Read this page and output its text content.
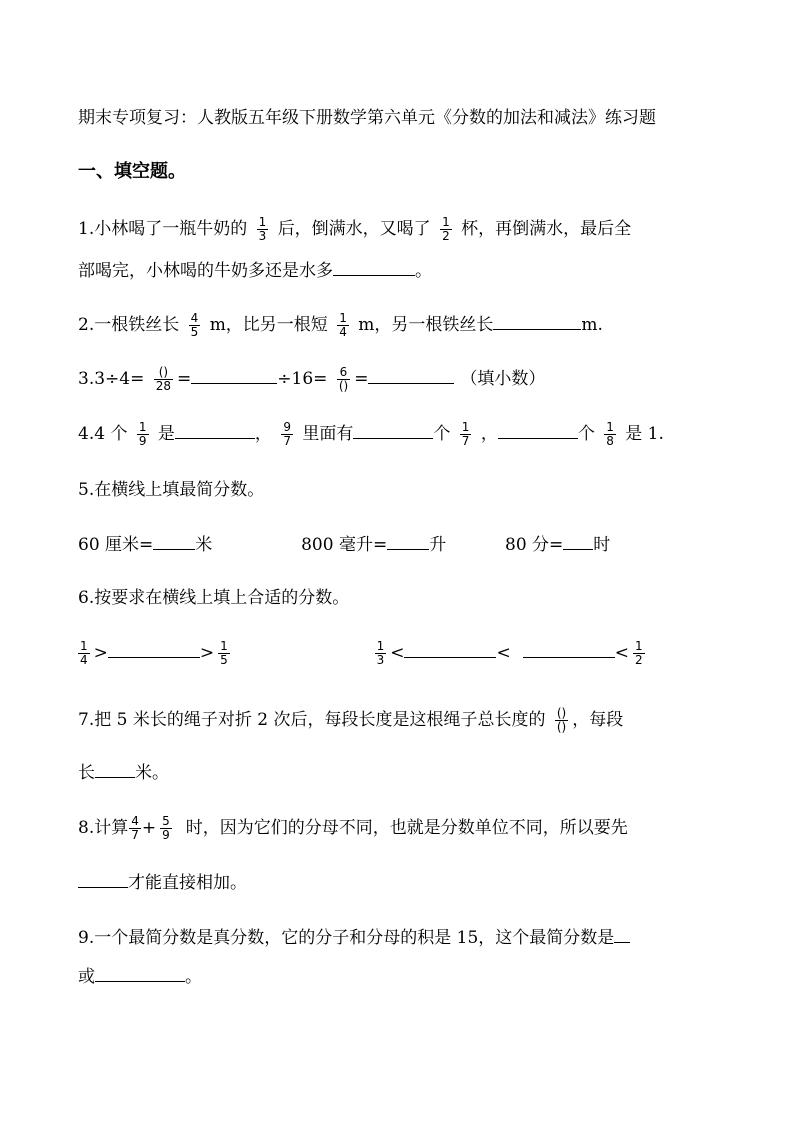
期末专项复习：人教版五年级下册数学第六单元《分数的加法和减法》练习题
一、填空题。
1.小林喝了一瓶牛奶的 $\frac{1}{3}$ 后，倒满水，又喝了 $\frac{1}{2}$ 杯，再倒满水，最后全
部喝完，小林喝的牛奶多还是水多	。
2.一根铁丝长 $\frac{4}{5}$ m，比另一根短 $\frac{1}{4}$ m，另一根铁丝长	m.
$3.3\div 4= \frac{()}{28}$ =	$\div 16= \frac{6}{()}$ =	（填小数）
4.4 个 $\frac{1}{9}$ 是	， $\frac{9}{7}$ 里面有	个 $\frac{1}{7}$ ，	个 $\frac{1}{8}$ 是 1.
5.在横线上填最简分数。
60 厘米= 米	800 毫升= 升	80 分= 时
6.按要求在横线上填上合适的分数。
$\frac{1}{4}$ >	> $\frac{1}{5}$
	$\frac{1}{3}$ <	<	< $\frac{1}{2}$
7.把 5 米长的绳子对折 2 次后，每段长度是这根绳子总长度的 $\frac{()}{()}$ ，每段
长 米。
8.计算 $\frac{4}{7} + \frac{5}{9}$ 时，因为它们的分母不同，也就是分数单位不同，所以要先
才能直接相加。
9.一个最简分数是真分数，它的分子和分母的积是 15，这个最简分数是
或	。
